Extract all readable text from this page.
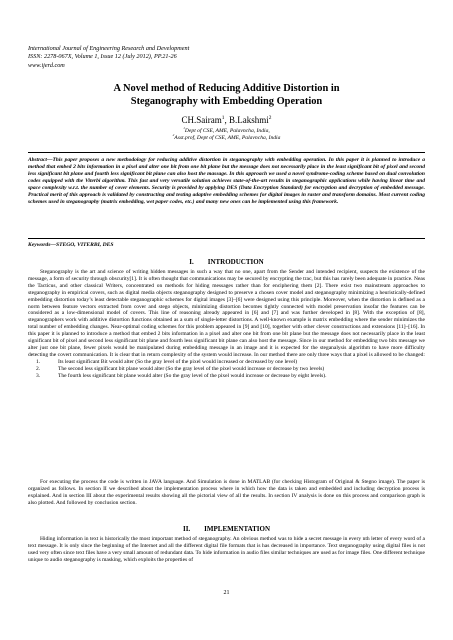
International Journal of Engineering Research and Development
ISSN: 2278-067X, Volume 1, Issue 12 (July 2012), PP.21-26
www.ijerd.com
A Novel method of Reducing Additive Distortion in
Steganography with Embedding Operation
CH.Sairam$^1$, B.Lakshmi$^2$
$^1$Dept of CSE, AME, Palavncha, India,
$^2$Asst.prof, Dept of CSE, AME, Palavncha, India
Abstract—This paper proposes a new methodology for reducing additive distortion in steganography with embedding operation. In this paper it is planned to introduce a method that embed 2 bits information in a pixel and alter one bit from one bit plane but the message does not necessarily place in the least significant bit of pixel and second less significant bit plane and fourth less significant bit plane can also host the massage. In this approach we used a novel syndrome-coding scheme based on dual convolution codes equipped with the Viterbi algorithm. This fast and very versatile solution achieves state-of-the-art results in steganographic applications while having linear time and space complexity w.r.t. the number of cover elements. Security is provided by applying DES (Data Encryption Standard) for encryption and decryption of embedded message. Practical merit of this approach is validated by constructing and testing adaptive embedding schemes for digital images in raster and transform domains. Most current coding schemes used in steganography (matrix embedding, wet paper codes, etc.) and many new ones can be implemented using this framework.
Keywords—STEGO, VITERBI, DES
I. INTRODUCTION

Steganography is the art and science of writing hidden messages in such a way that no one, apart from the Sender and intended recipient, suspects the existence of the message, a form of security through obscurity[1]. It is often thought that communications may be secured by encrypting the trac, but this has rarely been adequate in practice. Neas the Tacticus, and other classical Writers, concentrated on methods for hiding messages rather than for enciphering them [2]. There exist two mainstream approaches to steganography in empirical covers, such as digital media objects steganography designed to preserve a chosen cover model and steganography minimizing a heuristically-defined embedding distortion today’s least detectable steganographic schemes for digital images [3]–[6] were designed using this principle. Moreover, when the distortion is defined as a norm between feature vectors extracted from cover and stego objects, minimizing distortion becomes tightly connected with model preservation insofar the features can be considered as a low-dimensional model of covers. This line of reasoning already appeared in [6] and [7] and was further developed in [8]. With the exception of [8], steganographers work with additive distortion functions obtained as a sum of single-letter distortions. A well-known example is matrix embedding where the sender minimizes the total number of embedding changes. Near-optimal coding schemes for this problem appeared in [9] and [10], together with other clever constructions and extensions [11]–[16]. In this paper it is planned to introduce a method that embed 2 bits information in a pixel and alter one bit from one bit plane but the message does not necessarily place in the least significant bit of pixel and second less significant bit plane and fourth less significant bit plane can also host the message. Since in our method for embedding two bits message we alter just one bit plane, fewer pixels would be manipulated during embedding message in an image and it is expected for the steganalysis algorithm to have more difficulty detecting the covert communication. It is clear that in return complexity of the system would increase. In our method there are only three ways that a pixel is allowed to be changed:

1.	Its least significant Bit would alter (So the gray level of the pixel would increased or decreased by one level)
2.	The second less significant bit plane would alter (So the gray level of the pixel would increase or decrease by two levels)
3.	The fourth less significant bit plane would alter (So the gray level of the pixel would increase or decrease by eight levels).

For executing the process the code is written in JAVA language. And Simulation is done in MATLAB (for checking Histogram of Original & Stegno image). The paper is organized as follows. In section II we described about the implementation process where in which how the data is taken and embedded and including decryption process is explained. And in section III about the experimental results showing all the pictorial view of all the results. In section IV analysis is done on this process and comparison graph is also plotted. And followed by conclusion section.

II. IMPLEMENTATION

Hiding information in text is historically the most important method of steganography. An obvious method was to hide a secret message in every nth letter of every word of a text message. It is only since the beginning of the Internet and all the different digital file formats that is has decreased in importance. Text steganography using digital files is not used very often since text files have a very small amount of redundant data. To hide information in audio files similar techniques are used as for image files. One different technique unique to audio steganography is masking, which exploits the properties of

21
